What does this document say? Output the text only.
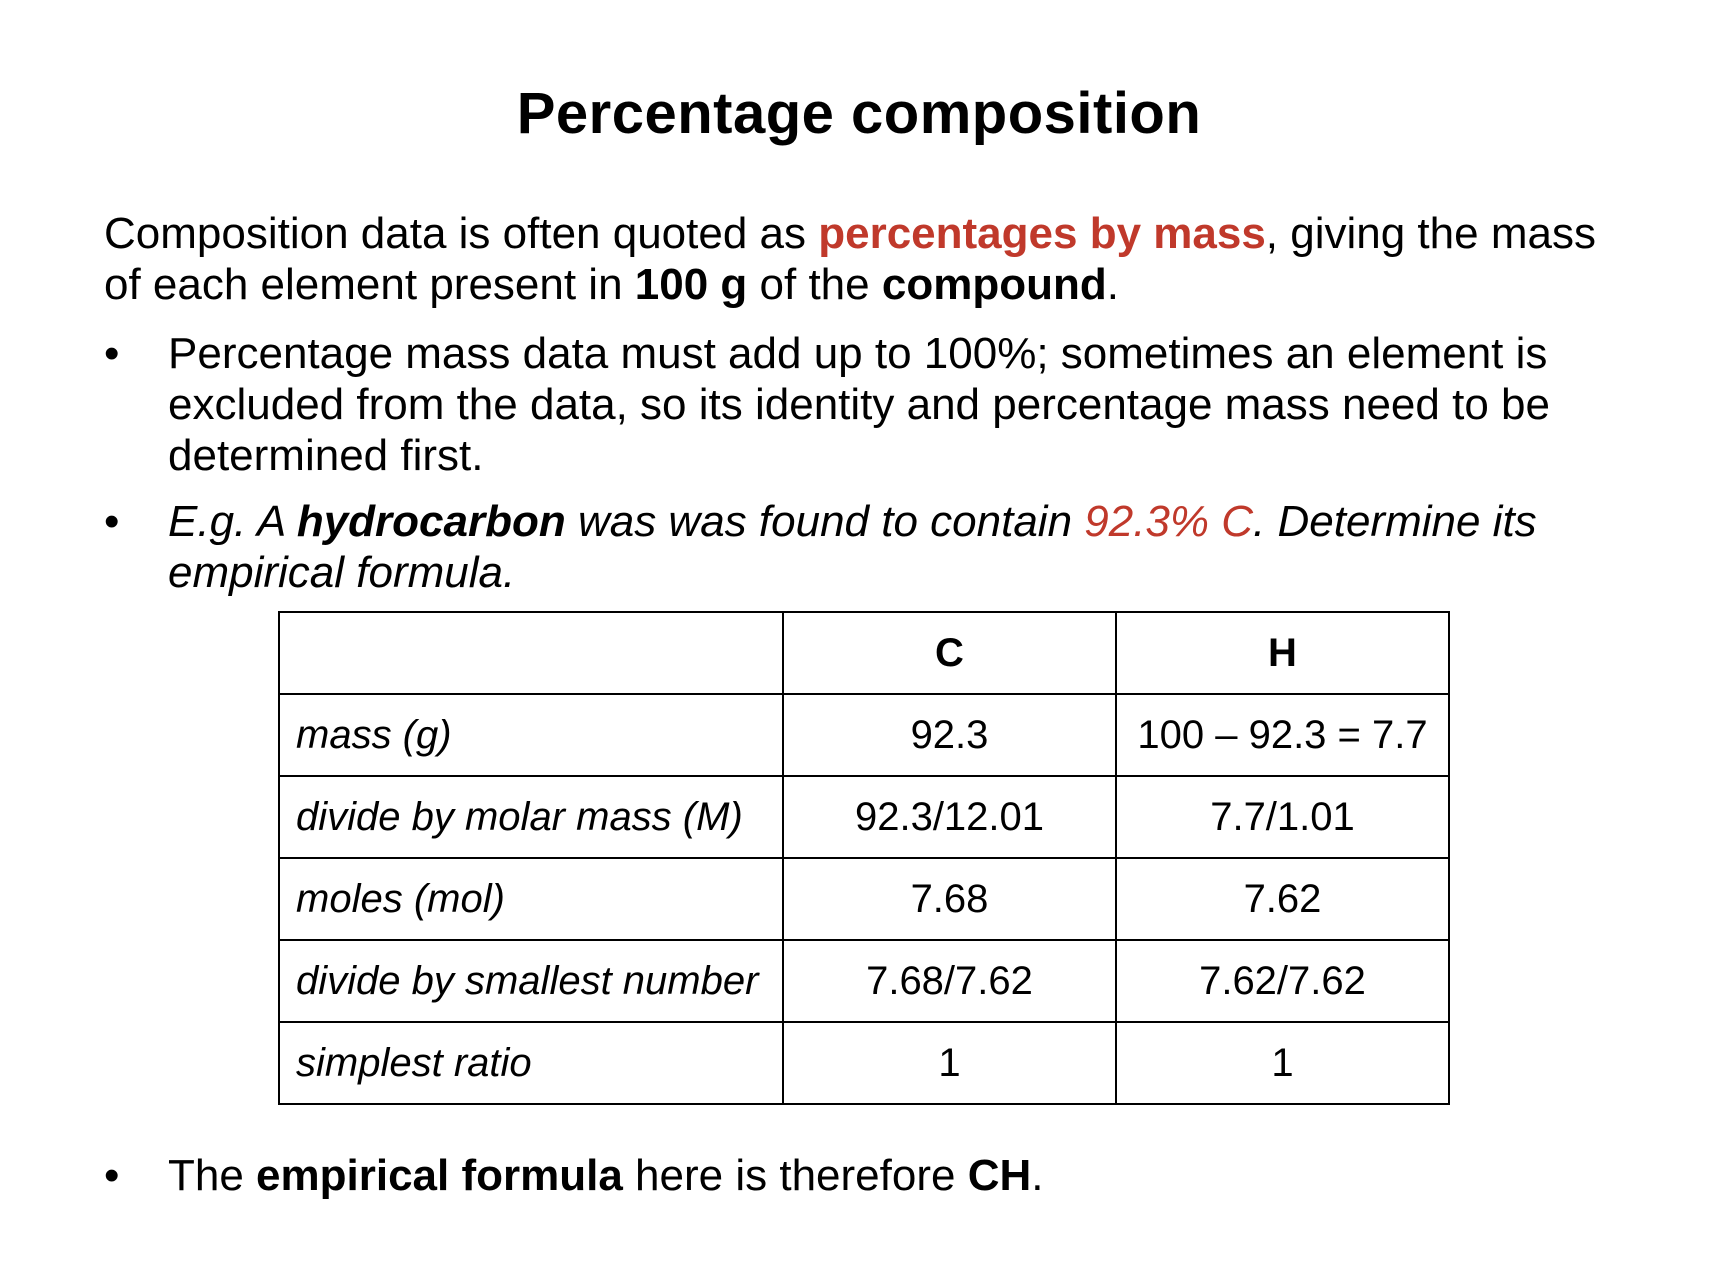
Percentage composition
Composition data is often quoted as percentages by mass, giving the mass of each element present in 100 g of the compound.
•	Percentage mass data must add up to 100%; sometimes an element is excluded from the data, so its identity and percentage mass need to be determined first.
•	E.g. A hydrocarbon was was found to contain 92.3% C. Determine its empirical formula.
	C	H
mass (g)	92.3	100 – 92.3 = 7.7
divide by molar mass (M)	92.3/12.01	7.7/1.01
moles (mol)	7.68	7.62
divide by smallest number	7.68/7.62	7.62/7.62
simplest ratio	1	1
•	The empirical formula here is therefore CH.
